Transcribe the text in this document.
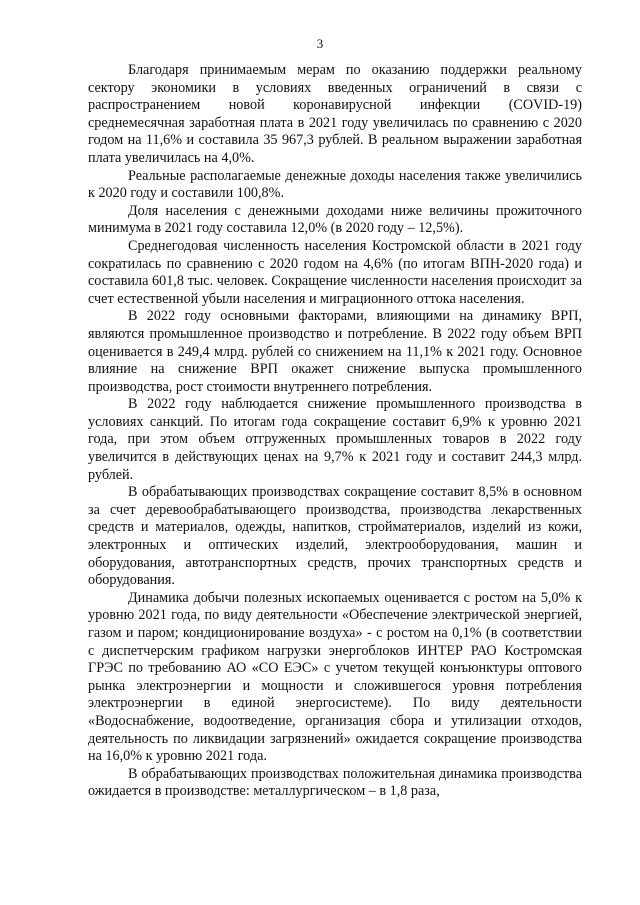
3

Благодаря принимаемым мерам по оказанию поддержки реальному сектору экономики в условиях введенных ограничений в связи с распространением новой коронавирусной инфекции (COVID-19) среднемесячная заработная плата в 2021 году увеличилась по сравнению с 2020 годом на 11,6% и составила 35 967,3 рублей. В реальном выражении заработная плата увеличилась на 4,0%.

Реальные располагаемые денежные доходы населения также увеличились к 2020 году и составили 100,8%.

Доля населения с денежными доходами ниже величины прожиточного минимума в 2021 году составила 12,0% (в 2020 году – 12,5%).

Среднегодовая численность населения Костромской области в 2021 году сократилась по сравнению с 2020 годом на 4,6% (по итогам ВПН-2020 года) и составила 601,8 тыс. человек. Сокращение численности населения происходит за счет естественной убыли населения и миграционного оттока населения.

В 2022 году основными факторами, влияющими на динамику ВРП, являются промышленное производство и потребление. В 2022 году объем ВРП оценивается в 249,4 млрд. рублей со снижением на 11,1% к 2021 году. Основное влияние на снижение ВРП окажет снижение выпуска промышленного производства, рост стоимости внутреннего потребления.

В 2022 году наблюдается снижение промышленного производства в условиях санкций. По итогам года сокращение составит 6,9% к уровню 2021 года, при этом объем отгруженных промышленных товаров в 2022 году увеличится в действующих ценах на 9,7% к 2021 году и составит 244,3 млрд. рублей.

В обрабатывающих производствах сокращение составит 8,5% в основном за счет деревообрабатывающего производства, производства лекарственных средств и материалов, одежды, напитков, стройматериалов, изделий из кожи, электронных и оптических изделий, электрооборудования, машин и оборудования, автотранспортных средств, прочих транспортных средств и оборудования.

Динамика добычи полезных ископаемых оценивается с ростом на 5,0% к уровню 2021 года, по виду деятельности «Обеспечение электрической энергией, газом и паром; кондиционирование воздуха» - с ростом на 0,1% (в соответствии с диспетчерским графиком нагрузки энергоблоков ИНТЕР РАО Костромская ГРЭС по требованию АО «СО ЕЭС» с учетом текущей конъюнктуры оптового рынка электроэнергии и мощности и сложившегося уровня потребления электроэнергии в единой энергосистеме). По виду деятельности «Водоснабжение, водоотведение, организация сбора и утилизации отходов, деятельность по ликвидации загрязнений» ожидается сокращение производства на 16,0% к уровню 2021 года.

В обрабатывающих производствах положительная динамика производства ожидается в производстве: металлургическом – в 1,8 раза,
